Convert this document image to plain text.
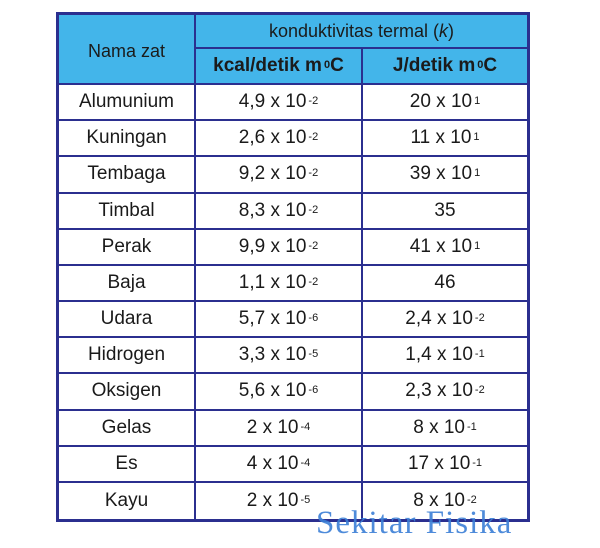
Nama zat
konduktivitas termal ( k )
kcal/detik $m^0$ C	J/detik $m^0$ C
Alumunium	4,9 x $10^{-2}$	20 x $10^1$
Kuningan	2,6 x $10^{-2}$	11 x $10^1$
Tembaga	9,2 x $10^{-2}$	39 x $10^1$
Timbal	8,3 x $10^{-2}$	35
Perak	9,9 x $10^{-2}$	41 x $10^1$
Baja	1,1 x $10^{-2}$	46
Udara	5,7 x $10^{-6}$	2,4 x $10^{-2}$
Hidrogen	3,3 x $10^{-5}$	1,4 x $10^{-1}$
Oksigen	5,6 x $10^{-6}$	2,3 x $10^{-2}$
Gelas	2 x $10^{-4}$	8 x $10^{-1}$
Es	4 x $10^{-4}$	17 x $10^{-1}$
Kayu	2 x $10^{-5}$	8 x $10^{-2}$
Sekitar Fisika
